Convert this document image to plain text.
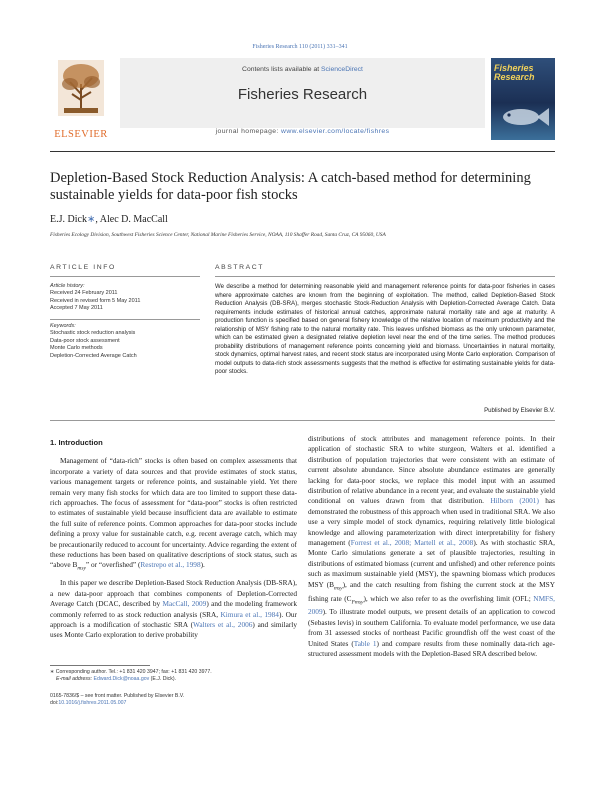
Fisheries Research 110 (2011) 331–341
ELSEVIER
Contents lists available at ScienceDirect
Fisheries Research
journal homepage: www.elsevier.com/locate/fishres
Fisheries Research
Depletion-Based Stock Reduction Analysis: A catch-based method for determining sustainable yields for data-poor fish stocks
E.J. Dick∗, Alec D. MacCall
Fisheries Ecology Division, Southwest Fisheries Science Center, National Marine Fisheries Service, NOAA, 110 Shaffer Road, Santa Cruz, CA 95060, USA
ARTICLE INFO
Article history:
Received 24 February 2011
Received in revised form 5 May 2011
Accepted 7 May 2011
Keywords:
Stochastic stock reduction analysis
Data-poor stock assessment
Monte Carlo methods
Depletion-Corrected Average Catch
ABSTRACT
We describe a method for determining reasonable yield and management reference points for data-poor fisheries in cases where approximate catches are known from the beginning of exploitation. The method, called Depletion-Based Stock Reduction Analysis (DB-SRA), merges stochastic Stock-Reduction Analysis with Depletion-Corrected Average Catch. Data requirements include estimates of historical annual catches, approximate natural mortality rate and age at maturity. A production function is specified based on general fishery knowledge of the relative location of maximum productivity and the relationship of MSY fishing rate to the natural mortality rate. This leaves unfished biomass as the only unknown parameter, which can be estimated given a designated relative depletion level near the end of the time series. The method produces probability distributions of management reference points concerning yield and biomass. Uncertainties in natural mortality, stock dynamics, optimal harvest rates, and recent stock status are incorporated using Monte Carlo exploration. Comparison of model outputs to data-rich stock assessments suggests that the method is effective for estimating sustainable yields for data-poor stocks.
Published by Elsevier B.V.
1. Introduction

Management of “data-rich” stocks is often based on complex assessments that incorporate a variety of data sources and that provide estimates of stock status, various management targets or reference points, and sustainable yield. Yet there remain very many fish stocks for which data are too limited to support these data-rich approaches. The focus of assessment for “data-poor” stocks is often restricted to estimates of sustainable yield because insufficient data are available to estimate the full suite of reference points. Common approaches for data-poor stocks include defining a proxy value for sustainable catch, e.g. recent average catch, which may be precautionarily reduced to account for uncertainty. Advice regarding the extent of these reductions has been based on qualitative descriptions of stock status, such as “above $B_{msy}$” or “overfished” (Restrepo et al., 1998).

In this paper we describe Depletion-Based Stock Reduction Analysis (DB-SRA), a new data-poor approach that combines components of Depletion-Corrected Average Catch (DCAC, described by MacCall, 2009) and the modeling framework commonly referred to as stock reduction analysis (SRA, Kimura et al., 1984). Our approach is a modification of stochastic SRA (Walters et al., 2006) and similarly uses Monte Carlo exploration to derive probability

distributions of stock attributes and management reference points. In their application of stochastic SRA to white sturgeon, Walters et al. identified a distribution of population trajectories that were consistent with an estimate of current absolute abundance. Since absolute abundance estimates are generally lacking for data-poor stocks, we replace this model input with an assumed distribution of relative abundance in a recent year, and evaluate the sustainable yield conditional on values drawn from that distribution. Hilborn (2001) has demonstrated the robustness of this approach when used in traditional SRA. We also use a very simple model of stock dynamics, requiring relatively little biological knowledge and allowing parameterization with direct interpretability for fishery management (Forrest et al., 2008; Martell et al., 2008). As with stochastic SRA, Monte Carlo simulations generate a set of plausible trajectories, resulting in distributions of estimated biomass (current and unfished) and other reference points such as maximum sustainable yield (MSY), the spawning biomass which produces MSY $(B_{msy})$, and the catch resulting from fishing the current stock at the MSY fishing rate $(C_{Fmsy})$, which we also refer to as the overfishing limit (OFL; NMFS, 2009). To illustrate model outputs, we present details of an application to cowcod (Sebastes levis) in southern California. To evaluate model performance, we use data from 31 assessed stocks of northeast Pacific groundfish off the west coast of the United States (Table 1) and compare results from these nominally data-rich age-structured assessment models with the Depletion-Based SRA described below.

∗ Corresponding author. Tel.: +1 831 420 3947; fax: +1 831 420 3977.
E-mail address: Edward.Dick@noaa.gov (E.J. Dick).
0165-7836/$ – see front matter. Published by Elsevier B.V.
doi:10.1016/j.fishres.2011.05.007
